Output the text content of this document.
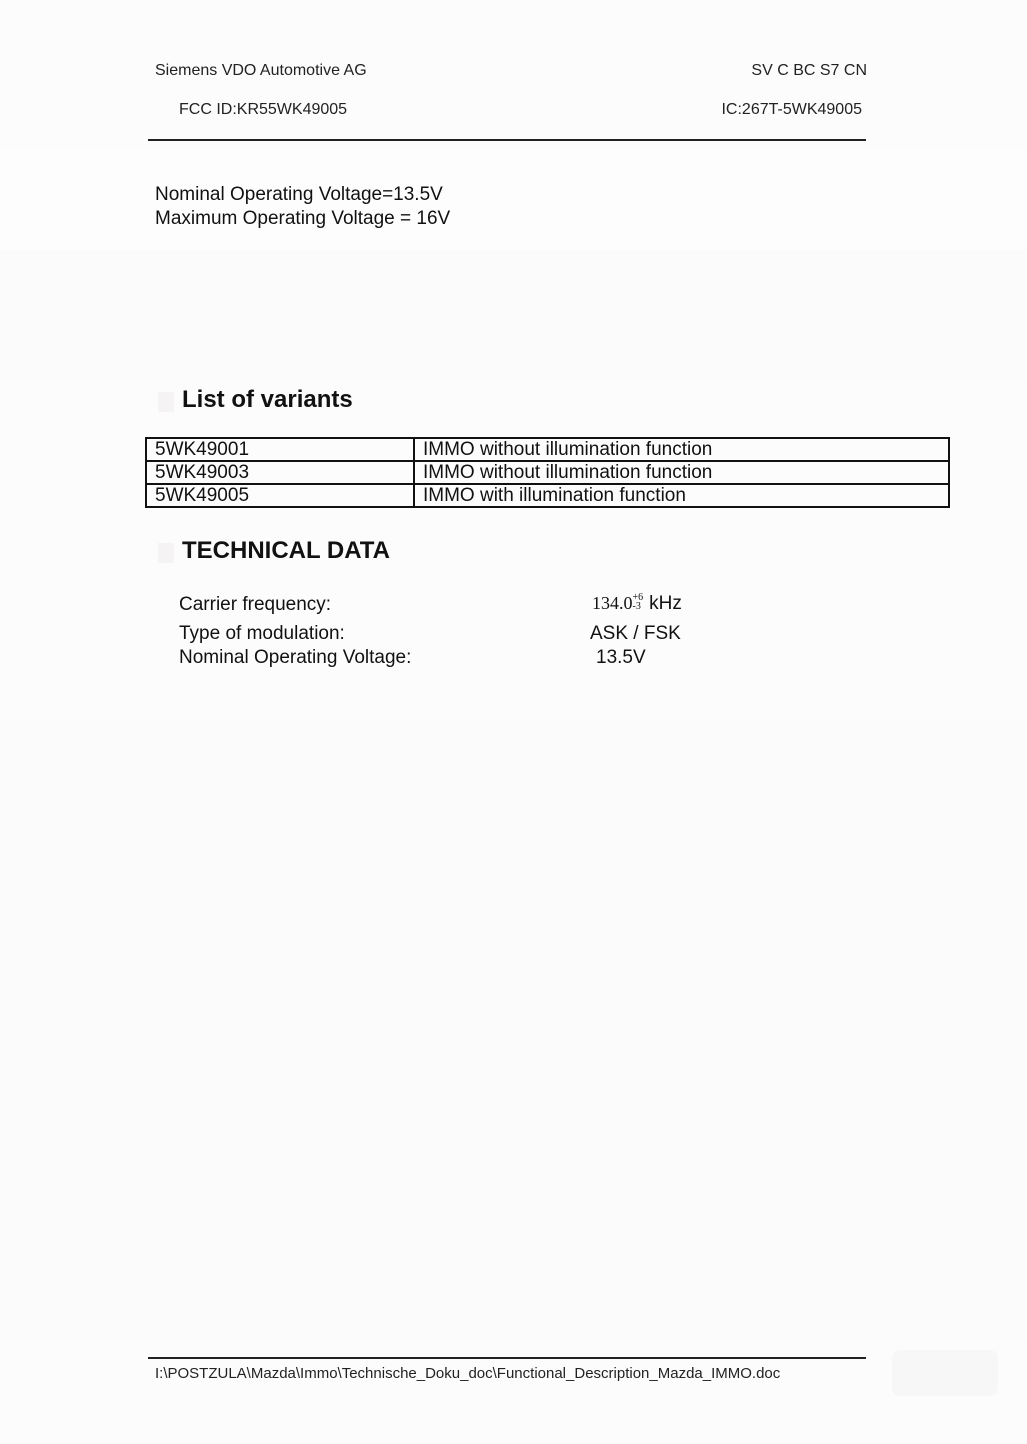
Siemens VDO Automotive AG	SV C BC S7 CN
FCC ID:KR55WK49005	IC:267T-5WK49005
Nominal Operating Voltage=13.5V
Maximum Operating Voltage = 16V
List of variants
5WK49001	IMMO without illumination function
5WK49003	IMMO without illumination function
5WK49005	IMMO with illumination function
TECHNICAL DATA
Carrier frequency:	134.0 +6
-3 kHz
Type of modulation:	ASK / FSK
Nominal Operating Voltage:	13.5V
I:\POSTZULA\Mazda\Immo\Technische_Doku_doc\Functional_Description_Mazda_IMMO.doc
